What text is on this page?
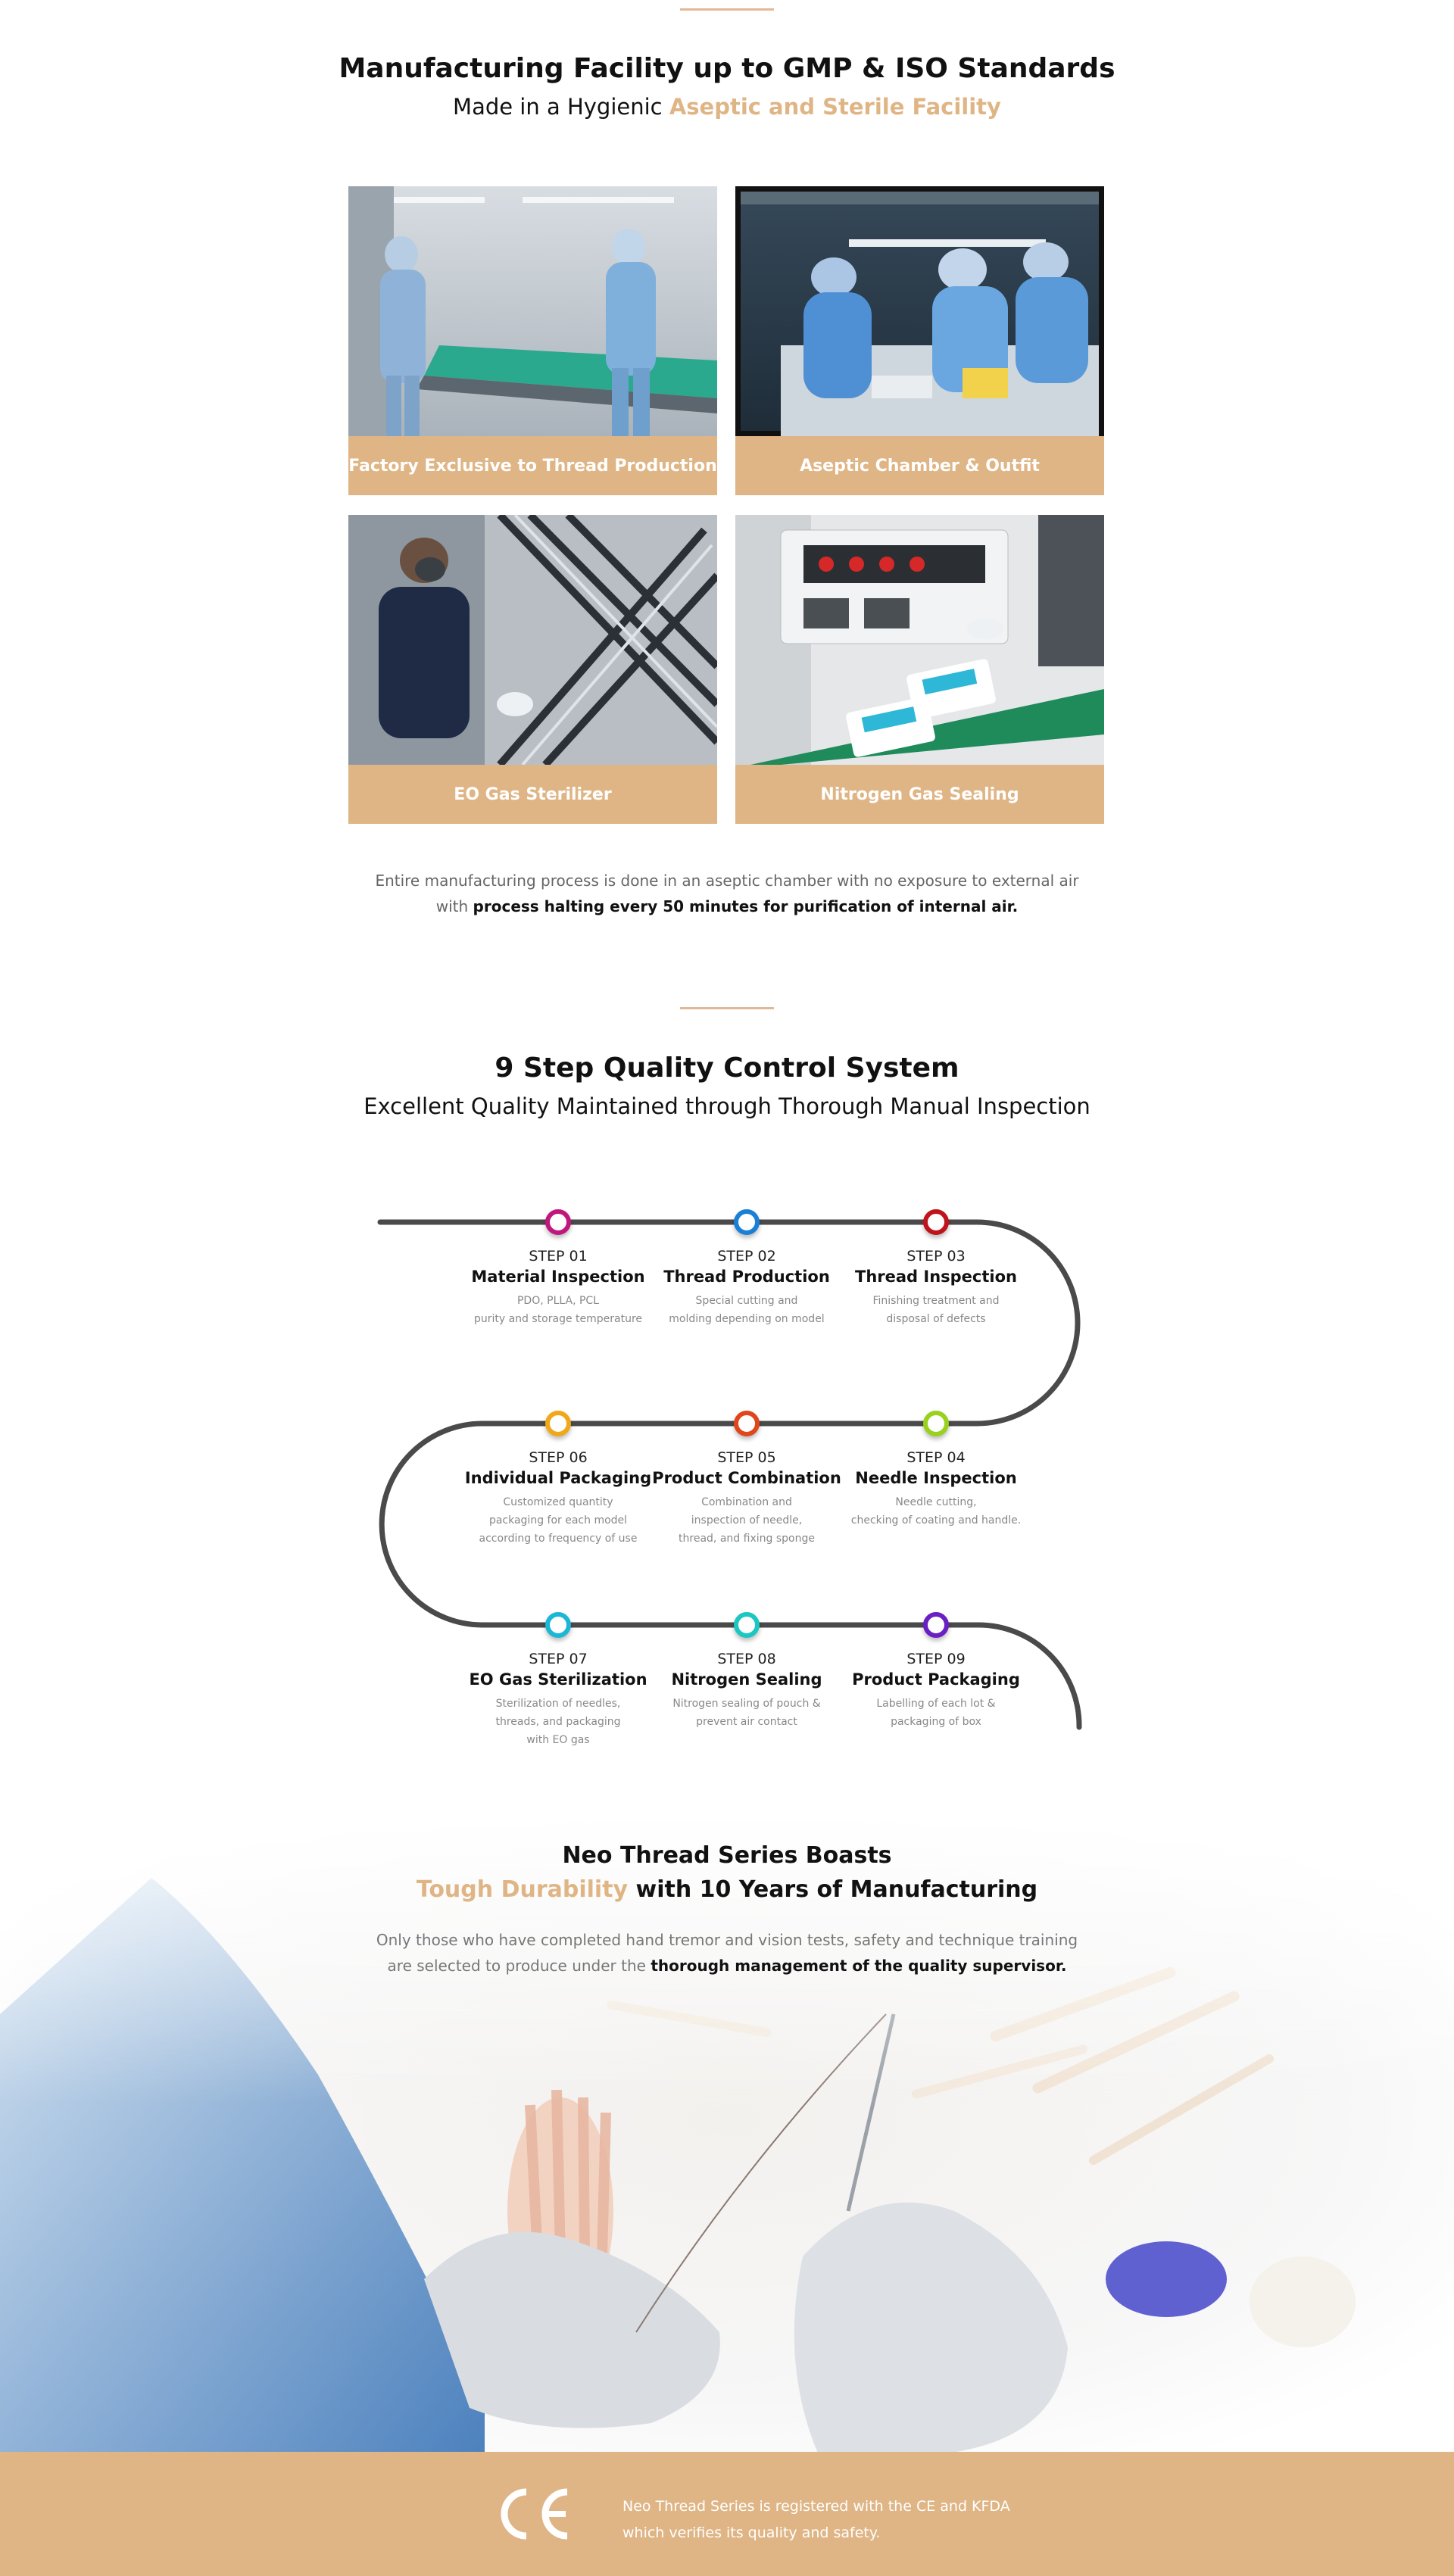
Manufacturing Facility up to GMP & ISO Standards
Made in a Hygienic Aseptic and Sterile Facility
Factory Exclusive to Thread Production	Aseptic Chamber & Outfit
EO Gas Sterilizer	Nitrogen Gas Sealing
Entire manufacturing process is done in an aseptic chamber with no exposure to external air
with process halting every 50 minutes for purification of internal air.
9 Step Quality Control System
Excellent Quality Maintained through Thorough Manual Inspection
STEP 01
Material Inspection
PDO, PLLA, PCL
purity and storage temperature
STEP 02
Thread Production
Special cutting and
molding depending on model
STEP 03
Thread Inspection
Finishing treatment and
disposal of defects
STEP 04
Needle Inspection
Needle cutting,
checking of coating and handle.
STEP 05
Product Combination
Combination and
inspection of needle,
thread, and fixing sponge
STEP 06
Individual Packaging
Customized quantity
packaging for each model
according to frequency of use
STEP 07
EO Gas Sterilization
Sterilization of needles,
threads, and packaging
with EO gas
STEP 08
Nitrogen Sealing
Nitrogen sealing of pouch &
prevent air contact
STEP 09
Product Packaging
Labelling of each lot &
packaging of box
Neo Thread Series Boasts
Tough Durability with 10 Years of Manufacturing
Only those who have completed hand tremor and vision tests, safety and technique training
are selected to produce under the thorough management of the quality supervisor.
Neo Thread Series is registered with the CE and KFDA
which verifies its quality and safety.
